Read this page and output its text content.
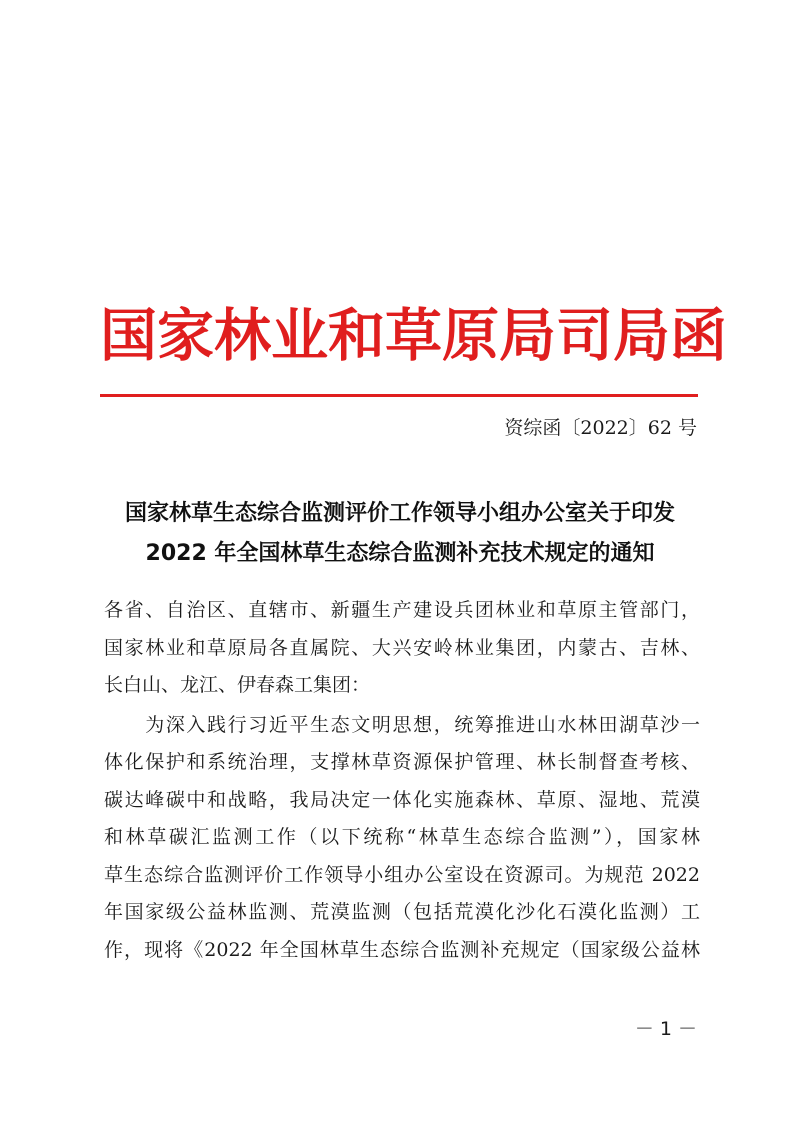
国家林业和草原局司局函
资综函〔2022〕62 号
国家林草生态综合监测评价工作领导小组办公室关于印发
2022 年全国林草生态综合监测补充技术规定的通知
各省、自治区、直辖市、新疆生产建设兵团林业和草原主管部门，
国家林业和草原局各直属院、大兴安岭林业集团，内蒙古、吉林、
长白山、龙江、伊春森工集团：
　　为深入践行习近平生态文明思想，统筹推进山水林田湖草沙一
体化保护和系统治理，支撑林草资源保护管理、林长制督查考核、
碳达峰碳中和战略，我局决定一体化实施森林、草原、湿地、荒漠
和林草碳汇监测工作（以下统称“林草生态综合监测”），国家林
草生态综合监测评价工作领导小组办公室设在资源司。为规范 2022
年国家级公益林监测、荒漠监测（包括荒漠化沙化石漠化监测）工
作，现将《2022 年全国林草生态综合监测补充规定（国家级公益林
－ 1 －
